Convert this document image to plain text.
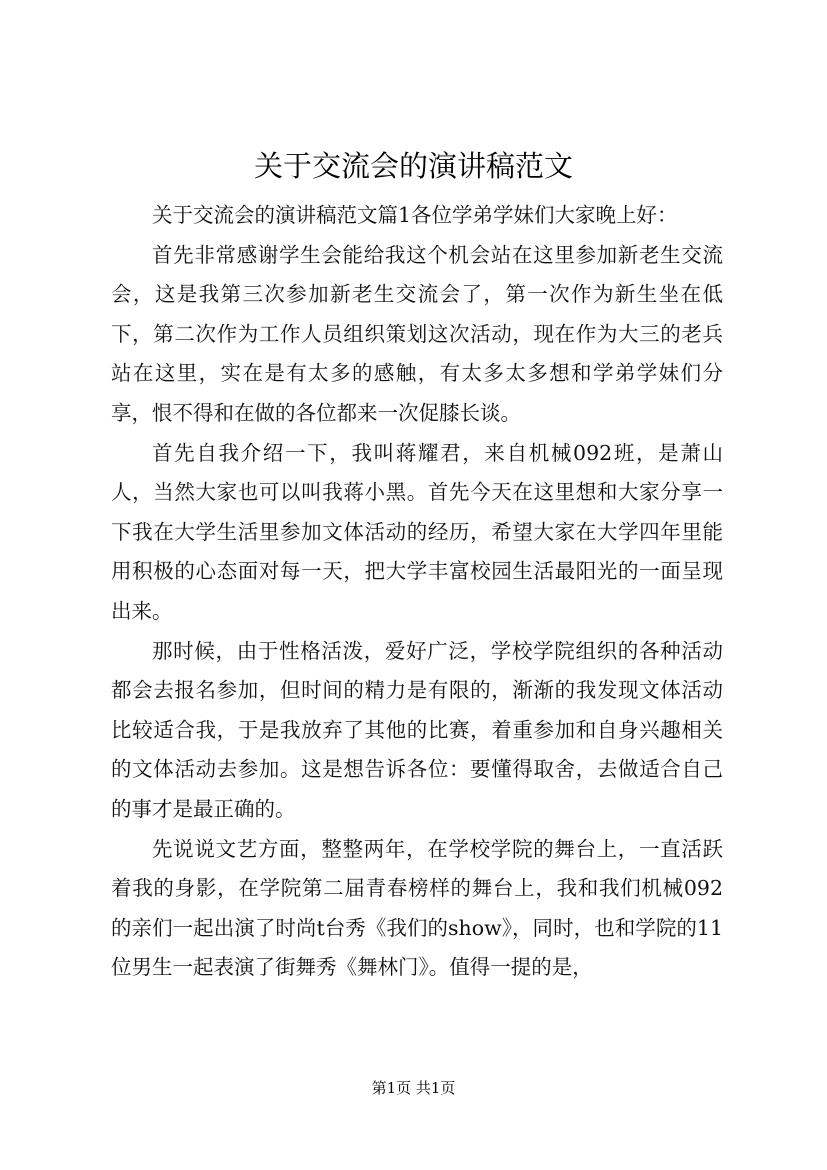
关于交流会的演讲稿范文

关于交流会的演讲稿范文篇1各位学弟学妹们大家晚上好：

首先非常感谢学生会能给我这个机会站在这里参加新老生交流会，这是我第三次参加新老生交流会了，第一次作为新生坐在低下，第二次作为工作人员组织策划这次活动，现在作为大三的老兵站在这里，实在是有太多的感触，有太多太多想和学弟学妹们分享，恨不得和在做的各位都来一次促膝长谈。

首先自我介绍一下，我叫蒋耀君，来自机械092班，是萧山人，当然大家也可以叫我蒋小黑。首先今天在这里想和大家分享一下我在大学生活里参加文体活动的经历，希望大家在大学四年里能用积极的心态面对每一天，把大学丰富校园生活最阳光的一面呈现出来。

那时候，由于性格活泼，爱好广泛，学校学院组织的各种活动都会去报名参加，但时间的精力是有限的，渐渐的我发现文体活动比较适合我，于是我放弃了其他的比赛，着重参加和自身兴趣相关的文体活动去参加。这是想告诉各位：要懂得取舍，去做适合自己的事才是最正确的。

先说说文艺方面，整整两年，在学校学院的舞台上，一直活跃着我的身影，在学院第二届青春榜样的舞台上，我和我们机械092的亲们一起出演了时尚t台秀《我们的show》，同时，也和学院的11位男生一起表演了街舞秀《舞林门》。值得一提的是，

第1页 共1页
